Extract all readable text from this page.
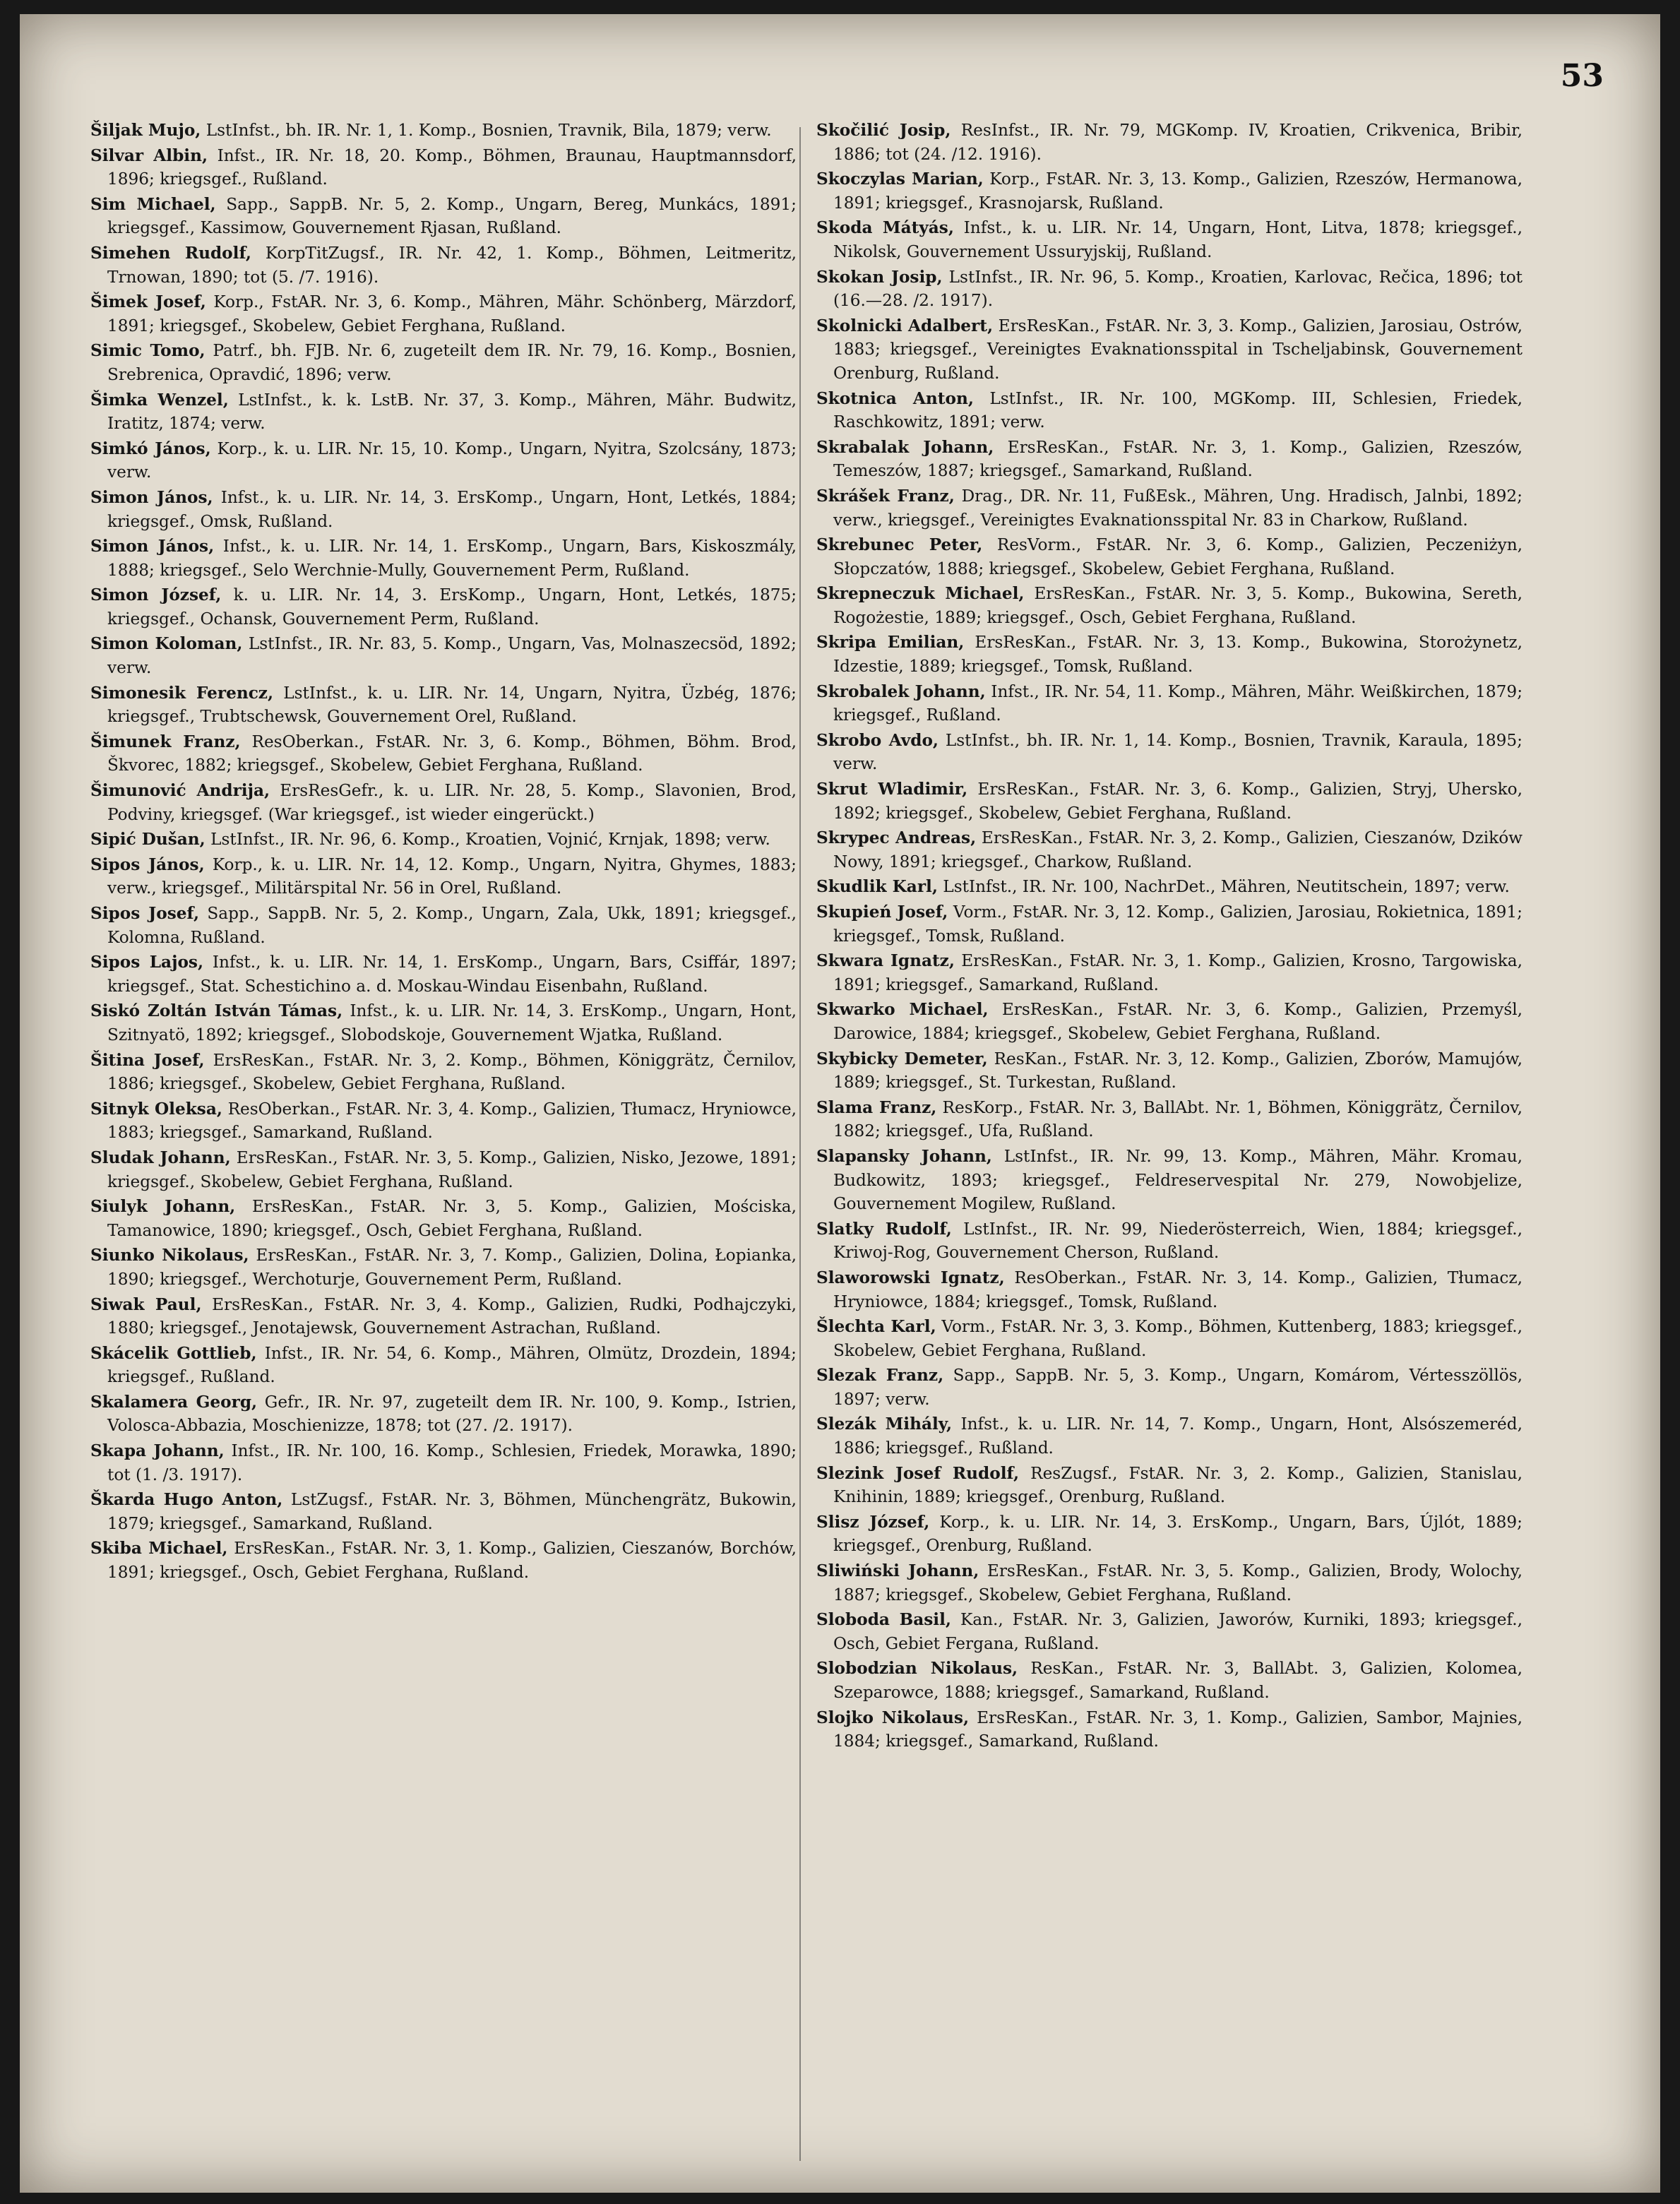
53

Šiljak Mujo, LstInfst., bh. IR. Nr. 1, 1. Komp., Bosnien, Travnik, Bila, 1879; verw.

Silvar Albin, Infst., IR. Nr. 18, 20. Komp., Böhmen, Braunau, Hauptmannsdorf, 1896; kriegsgef., Rußland.

Sim Michael, Sapp., SappB. Nr. 5, 2. Komp., Ungarn, Bereg, Munkács, 1891; kriegsgef., Kassimow, Gouvernement Rjasan, Rußland.

Simehen Rudolf, KorpTitZugsf., IR. Nr. 42, 1. Komp., Böhmen, Leitmeritz, Trnowan, 1890; tot (5. /7. 1916).

Šimek Josef, Korp., FstAR. Nr. 3, 6. Komp., Mähren, Mähr. Schönberg, Märzdorf, 1891; kriegsgef., Skobelew, Gebiet Ferghana, Rußland.

Simic Tomo, Patrf., bh. FJB. Nr. 6, zugeteilt dem IR. Nr. 79, 16. Komp., Bosnien, Srebrenica, Opravdić, 1896; verw.

Šimka Wenzel, LstInfst., k. k. LstB. Nr. 37, 3. Komp., Mähren, Mähr. Budwitz, Iratitz, 1874; verw.

Simkó János, Korp., k. u. LIR. Nr. 15, 10. Komp., Ungarn, Nyitra, Szolcsány, 1873; verw.

Simon János, Infst., k. u. LIR. Nr. 14, 3. ErsKomp., Ungarn, Hont, Letkés, 1884; kriegsgef., Omsk, Rußland.

Simon János, Infst., k. u. LIR. Nr. 14, 1. ErsKomp., Ungarn, Bars, Kiskoszmály, 1888; kriegsgef., Selo Werchnie-Mully, Gouvernement Perm, Rußland.

Simon József, k. u. LIR. Nr. 14, 3. ErsKomp., Ungarn, Hont, Letkés, 1875; kriegsgef., Ochansk, Gouvernement Perm, Rußland.

Simon Koloman, LstInfst., IR. Nr. 83, 5. Komp., Ungarn, Vas, Molnaszecsöd, 1892; verw.

Simonesik Ferencz, LstInfst., k. u. LIR. Nr. 14, Ungarn, Nyitra, Üzbég, 1876; kriegsgef., Trubtschewsk, Gouvernement Orel, Rußland.

Šimunek Franz, ResOberkan., FstAR. Nr. 3, 6. Komp., Böhmen, Böhm. Brod, Škvorec, 1882; kriegsgef., Skobelew, Gebiet Ferghana, Rußland.

Šimunović Andrija, ErsResGefr., k. u. LIR. Nr. 28, 5. Komp., Slavonien, Brod, Podviny, kriegsgef. (War kriegsgef., ist wieder eingerückt.)

Sipić Dušan, LstInfst., IR. Nr. 96, 6. Komp., Kroatien, Vojnić, Krnjak, 1898; verw.

Sipos János, Korp., k. u. LIR. Nr. 14, 12. Komp., Ungarn, Nyitra, Ghymes, 1883; verw., kriegsgef., Militärspital Nr. 56 in Orel, Rußland.

Sipos Josef, Sapp., SappB. Nr. 5, 2. Komp., Ungarn, Zala, Ukk, 1891; kriegsgef., Kolomna, Rußland.

Sipos Lajos, Infst., k. u. LIR. Nr. 14, 1. ErsKomp., Ungarn, Bars, Csiffár, 1897; kriegsgef., Stat. Schestichino a. d. Moskau-Windau Eisenbahn, Rußland.

Siskó Zoltán István Támas, Infst., k. u. LIR. Nr. 14, 3. ErsKomp., Ungarn, Hont, Szitnyatö, 1892; kriegsgef., Slobodskoje, Gouvernement Wjatka, Rußland.

Šitina Josef, ErsResKan., FstAR. Nr. 3, 2. Komp., Böhmen, Königgrätz, Černilov, 1886; kriegsgef., Skobelew, Gebiet Ferghana, Rußland.

Sitnyk Oleksa, ResOberkan., FstAR. Nr. 3, 4. Komp., Galizien, Tłumacz, Hryniowce, 1883; kriegsgef., Samarkand, Rußland.

Sludak Johann, ErsResKan., FstAR. Nr. 3, 5. Komp., Galizien, Nisko, Jezowe, 1891; kriegsgef., Skobelew, Gebiet Ferghana, Rußland.

Siulyk Johann, ErsResKan., FstAR. Nr. 3, 5. Komp., Galizien, Mościska, Tamanowice, 1890; kriegsgef., Osch, Gebiet Ferghana, Rußland.

Siunko Nikolaus, ErsResKan., FstAR. Nr. 3, 7. Komp., Galizien, Dolina, Łopianka, 1890; kriegsgef., Werchoturje, Gouvernement Perm, Rußland.

Siwak Paul, ErsResKan., FstAR. Nr. 3, 4. Komp., Galizien, Rudki, Podhajczyki, 1880; kriegsgef., Jenotajewsk, Gouvernement Astrachan, Rußland.

Skácelik Gottlieb, Infst., IR. Nr. 54, 6. Komp., Mähren, Olmütz, Drozdein, 1894; kriegsgef., Rußland.

Skalamera Georg, Gefr., IR. Nr. 97, zugeteilt dem IR. Nr. 100, 9. Komp., Istrien, Volosca-Abbazia, Moschienizze, 1878; tot (27. /2. 1917).

Skapa Johann, Infst., IR. Nr. 100, 16. Komp., Schlesien, Friedek, Morawka, 1890; tot (1. /3. 1917).

Škarda Hugo Anton, LstZugsf., FstAR. Nr. 3, Böhmen, Münchengrätz, Bukowin, 1879; kriegsgef., Samarkand, Rußland.

Skiba Michael, ErsResKan., FstAR. Nr. 3, 1. Komp., Galizien, Cieszanów, Borchów, 1891; kriegsgef., Osch, Gebiet Ferghana, Rußland.

Skočilić Josip, ResInfst., IR. Nr. 79, MGKomp. IV, Kroatien, Crikvenica, Bribir, 1886; tot (24. /12. 1916).

Skoczylas Marian, Korp., FstAR. Nr. 3, 13. Komp., Galizien, Rzeszów, Hermanowa, 1891; kriegsgef., Krasnojarsk, Rußland.

Skoda Mátyás, Infst., k. u. LIR. Nr. 14, Ungarn, Hont, Litva, 1878; kriegsgef., Nikolsk, Gouvernement Ussuryjskij, Rußland.

Skokan Josip, LstInfst., IR. Nr. 96, 5. Komp., Kroatien, Karlovac, Rečica, 1896; tot (16.—28. /2. 1917).

Skolnicki Adalbert, ErsResKan., FstAR. Nr. 3, 3. Komp., Galizien, Jarosiau, Ostrów, 1883; kriegsgef., Vereinigtes Evaknationsspital in Tscheljabinsk, Gouvernement Orenburg, Rußland.

Skotnica Anton, LstInfst., IR. Nr. 100, MGKomp. III, Schlesien, Friedek, Raschkowitz, 1891; verw.

Skrabalak Johann, ErsResKan., FstAR. Nr. 3, 1. Komp., Galizien, Rzeszów, Temeszów, 1887; kriegsgef., Samarkand, Rußland.

Skrášek Franz, Drag., DR. Nr. 11, FußEsk., Mähren, Ung. Hradisch, Jalnbi, 1892; verw., kriegsgef., Vereinigtes Evaknationsspital Nr. 83 in Charkow, Rußland.

Skrebunec Peter, ResVorm., FstAR. Nr. 3, 6. Komp., Galizien, Peczeniżyn, Słopczatów, 1888; kriegsgef., Skobelew, Gebiet Ferghana, Rußland.

Skrepneczuk Michael, ErsResKan., FstAR. Nr. 3, 5. Komp., Bukowina, Sereth, Rogożestie, 1889; kriegsgef., Osch, Gebiet Ferghana, Rußland.

Skripa Emilian, ErsResKan., FstAR. Nr. 3, 13. Komp., Bukowina, Storożynetz, Idzestie, 1889; kriegsgef., Tomsk, Rußland.

Skrobalek Johann, Infst., IR. Nr. 54, 11. Komp., Mähren, Mähr. Weißkirchen, 1879; kriegsgef., Rußland.

Skrobo Avdo, LstInfst., bh. IR. Nr. 1, 14. Komp., Bosnien, Travnik, Karaula, 1895; verw.

Skrut Wladimir, ErsResKan., FstAR. Nr. 3, 6. Komp., Galizien, Stryj, Uhersko, 1892; kriegsgef., Skobelew, Gebiet Ferghana, Rußland.

Skrypec Andreas, ErsResKan., FstAR. Nr. 3, 2. Komp., Galizien, Cieszanów, Dzików Nowy, 1891; kriegsgef., Charkow, Rußland.

Skudlik Karl, LstInfst., IR. Nr. 100, NachrDet., Mähren, Neutitschein, 1897; verw.

Skupień Josef, Vorm., FstAR. Nr. 3, 12. Komp., Galizien, Jarosiau, Rokietnica, 1891; kriegsgef., Tomsk, Rußland.

Skwara Ignatz, ErsResKan., FstAR. Nr. 3, 1. Komp., Galizien, Krosno, Targowiska, 1891; kriegsgef., Samarkand, Rußland.

Skwarko Michael, ErsResKan., FstAR. Nr. 3, 6. Komp., Galizien, Przemyśl, Darowice, 1884; kriegsgef., Skobelew, Gebiet Ferghana, Rußland.

Skybicky Demeter, ResKan., FstAR. Nr. 3, 12. Komp., Galizien, Zborów, Mamujów, 1889; kriegsgef., St. Turkestan, Rußland.

Slama Franz, ResKorp., FstAR. Nr. 3, BallAbt. Nr. 1, Böhmen, Königgrätz, Černilov, 1882; kriegsgef., Ufa, Rußland.

Slapansky Johann, LstInfst., IR. Nr. 99, 13. Komp., Mähren, Mähr. Kromau, Budkowitz, 1893; kriegsgef., Feldreservespital Nr. 279, Nowobjelize, Gouvernement Mogilew, Rußland.

Slatky Rudolf, LstInfst., IR. Nr. 99, Niederösterreich, Wien, 1884; kriegsgef., Kriwoj-Rog, Gouvernement Cherson, Rußland.

Slaworowski Ignatz, ResOberkan., FstAR. Nr. 3, 14. Komp., Galizien, Tłumacz, Hryniowce, 1884; kriegsgef., Tomsk, Rußland.

Šlechta Karl, Vorm., FstAR. Nr. 3, 3. Komp., Böhmen, Kuttenberg, 1883; kriegsgef., Skobelew, Gebiet Ferghana, Rußland.

Slezak Franz, Sapp., SappB. Nr. 5, 3. Komp., Ungarn, Komárom, Vértesszöllös, 1897; verw.

Slezák Mihály, Infst., k. u. LIR. Nr. 14, 7. Komp., Ungarn, Hont, Alsószemeréd, 1886; kriegsgef., Rußland.

Slezink Josef Rudolf, ResZugsf., FstAR. Nr. 3, 2. Komp., Galizien, Stanislau, Knihinin, 1889; kriegsgef., Orenburg, Rußland.

Slisz József, Korp., k. u. LIR. Nr. 14, 3. ErsKomp., Ungarn, Bars, Újlót, 1889; kriegsgef., Orenburg, Rußland.

Sliwiński Johann, ErsResKan., FstAR. Nr. 3, 5. Komp., Galizien, Brody, Wolochy, 1887; kriegsgef., Skobelew, Gebiet Ferghana, Rußland.

Sloboda Basil, Kan., FstAR. Nr. 3, Galizien, Jaworów, Kurniki, 1893; kriegsgef., Osch, Gebiet Fergana, Rußland.

Slobodzian Nikolaus, ResKan., FstAR. Nr. 3, BallAbt. 3, Galizien, Kolomea, Szeparowce, 1888; kriegsgef., Samarkand, Rußland.

Slojko Nikolaus, ErsResKan., FstAR. Nr. 3, 1. Komp., Galizien, Sambor, Majnies, 1884; kriegsgef., Samarkand, Rußland.
